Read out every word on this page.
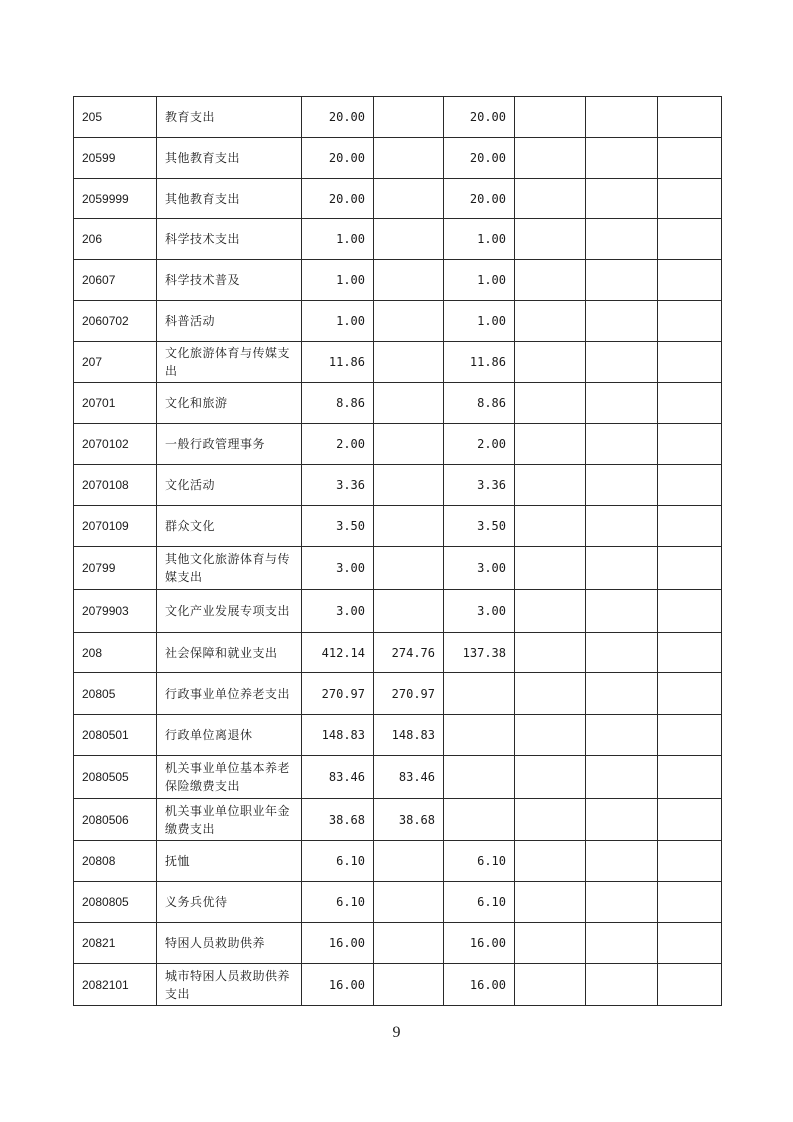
205	教育支出	20.00		20.00			
20599	其他教育支出	20.00		20.00			
2059999	其他教育支出	20.00		20.00			
206	科学技术支出	1.00		1.00			
20607	科学技术普及	1.00		1.00			
2060702	科普活动	1.00		1.00			
207	文化旅游体育与传媒支出	11.86		11.86			
20701	文化和旅游	8.86		8.86			
2070102	一般行政管理事务	2.00		2.00			
2070108	文化活动	3.36		3.36			
2070109	群众文化	3.50		3.50			
20799	其他文化旅游体育与传媒支出	3.00		3.00			
2079903	文化产业发展专项支出	3.00		3.00			
208	社会保障和就业支出	412.14	274.76	137.38			
20805	行政事业单位养老支出	270.97	270.97				
2080501	行政单位离退休	148.83	148.83				
2080505	机关事业单位基本养老保险缴费支出	83.46	83.46				
2080506	机关事业单位职业年金缴费支出	38.68	38.68				
20808	抚恤	6.10		6.10			
2080805	义务兵优待	6.10		6.10			
20821	特困人员救助供养	16.00		16.00			
2082101	城市特困人员救助供养支出	16.00		16.00			
9
